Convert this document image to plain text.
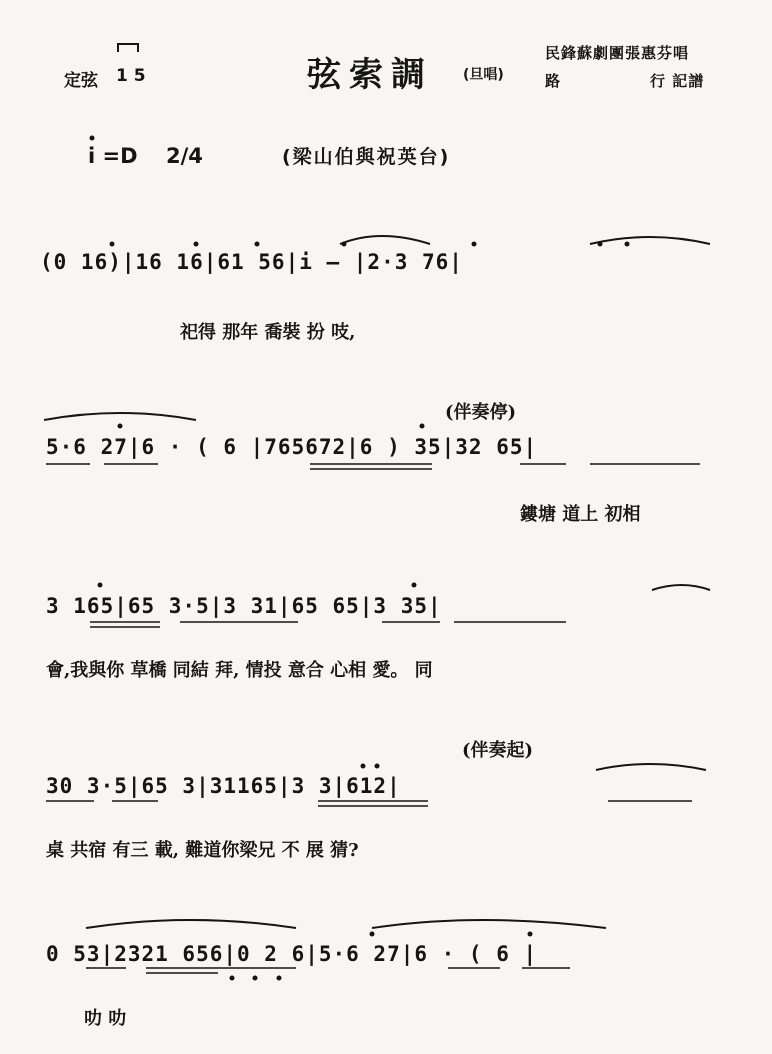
定弦 1 5	弦索調 (旦唱)
民鋒蘇劇團張惠芬唱
路	行 記譜
i =D 2/4	(梁山伯與祝英台)
(0 16)|16 16|61 56|i — |2·3 76|
祀得 那年 喬裝 扮 吱,
(伴奏停)
5·6 27|6 · ( 6 |765672|6 ) 35|32 65|
鏤塘 道上 初相
3 165|65 3·5|3 31|65 65|3 35|
會,我與你 草橋 同結 拜, 情投 意合 心相 愛。 同
(伴奏起)
30 3·5|65 3|31165|3 3|612|
桌 共宿 有三 載, 難道你梁兄 不 展 猜?
0 53|2321 656|0 2 6|5·6 27|6 · ( 6 |
叻 叻
